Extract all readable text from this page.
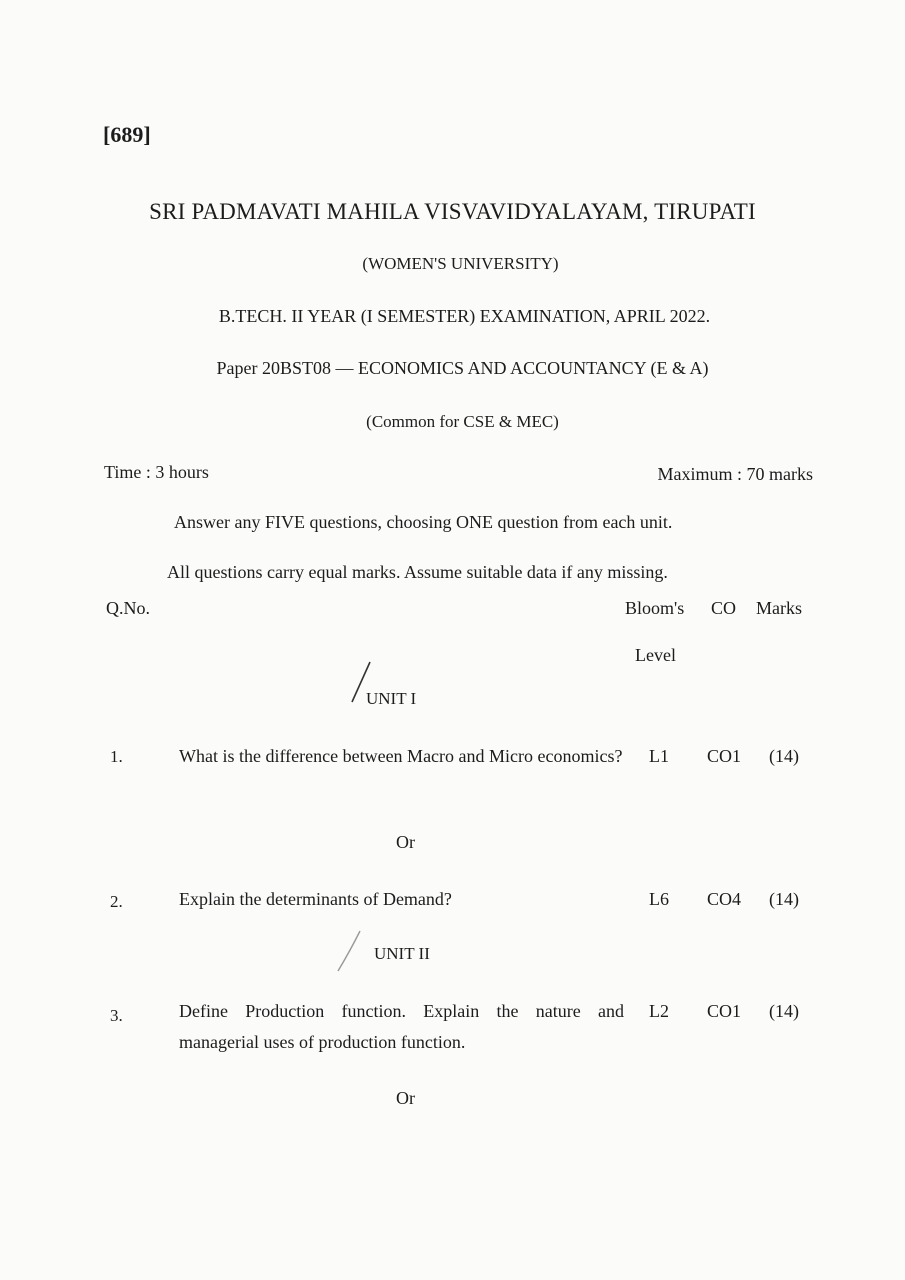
[689]
SRI PADMAVATI MAHILA VISVAVIDYALAYAM, TIRUPATI
(WOMEN'S UNIVERSITY)
B.TECH. II YEAR (I SEMESTER) EXAMINATION, APRIL 2022.
Paper 20BST08 — ECONOMICS AND ACCOUNTANCY (E & A)
(Common for CSE & MEC)
Time : 3 hours	Maximum : 70 marks
Answer any FIVE questions, choosing ONE question from each unit.
All questions carry equal marks. Assume suitable data if any missing.
Q.No.	Bloom's CO Marks
Level
UNIT I
1.	What is the difference between Macro and Micro economics? L1 CO1 (14)
Or
2.	Explain the determinants of Demand?	L6 CO4 (14)
UNIT II
3.	Define Production function. Explain the nature and managerial uses of production function.
L2 CO1 (14)
Or
